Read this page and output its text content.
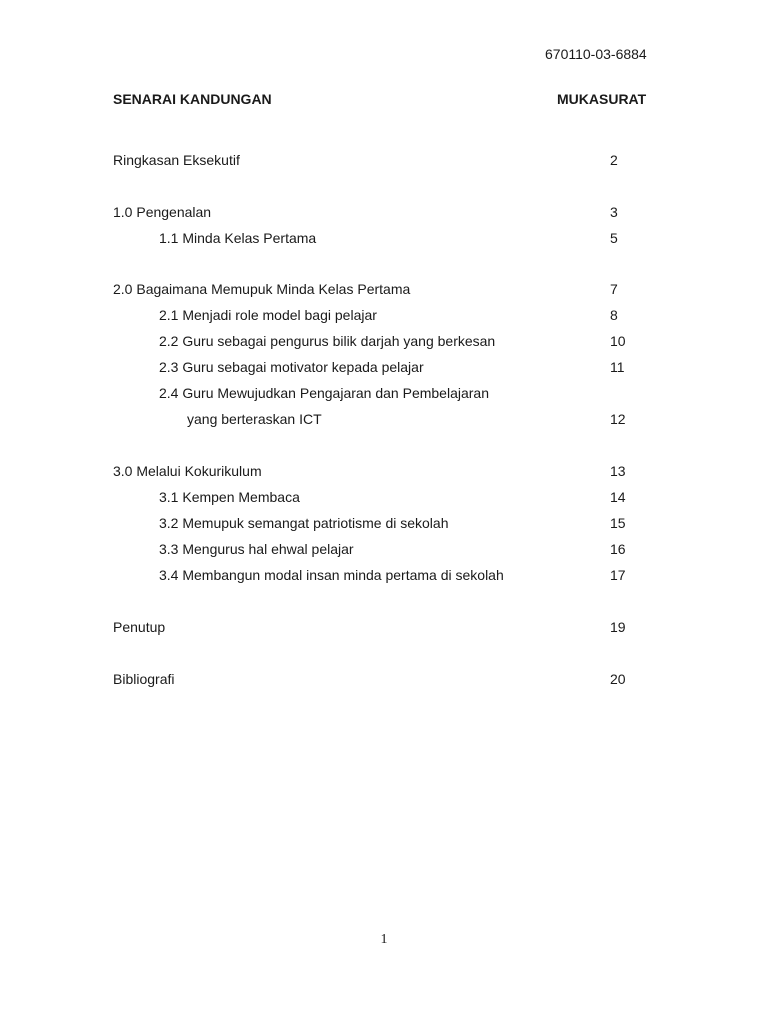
670110-03-6884
SENARAI KANDUNGAN	MUKASURAT
Ringkasan Eksekutif	2
1.0 Pengenalan	3
1.1 Minda Kelas Pertama	5
2.0 Bagaimana Memupuk Minda Kelas Pertama	7
2.1 Menjadi role model bagi pelajar	8
2.2 Guru sebagai pengurus bilik darjah yang berkesan	10
2.3 Guru sebagai motivator kepada pelajar	11
2.4 Guru Mewujudkan Pengajaran dan Pembelajaran
yang berteraskan ICT	12
3.0 Melalui Kokurikulum	13
3.1 Kempen Membaca	14
3.2 Memupuk semangat patriotisme di sekolah	15
3.3 Mengurus hal ehwal pelajar	16
3.4 Membangun modal insan minda pertama di sekolah	17
Penutup	19
Bibliografi	20
1
